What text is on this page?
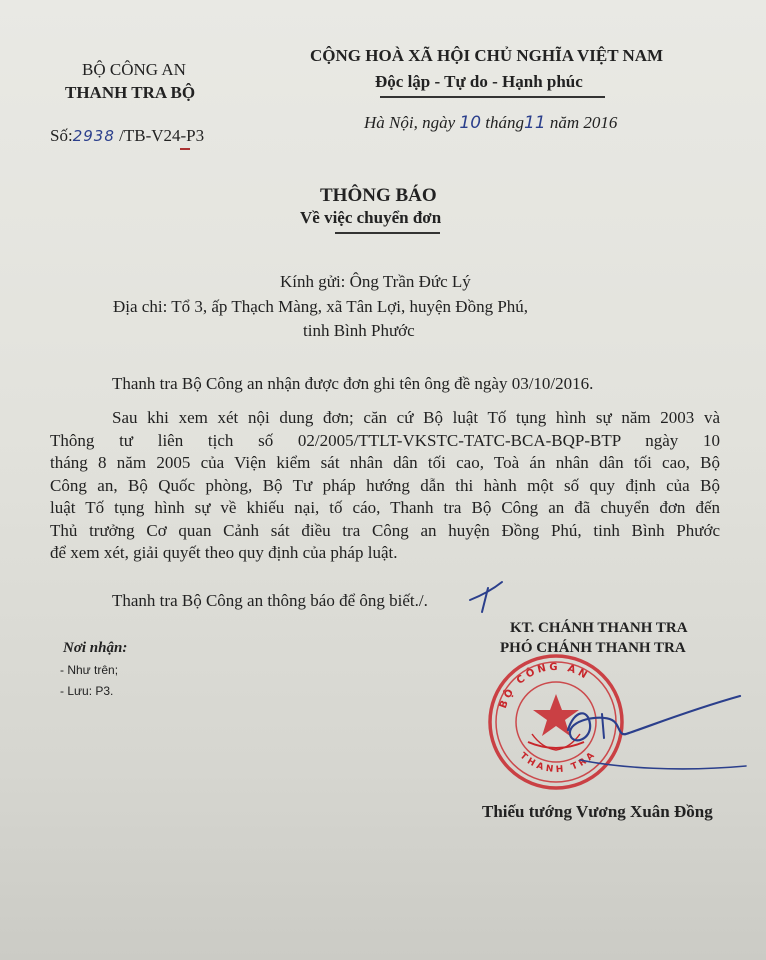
BỘ CÔNG AN
THANH TRA BỘ
Số:2938 /TB-V24-P3
CỘNG HOÀ XÃ HỘI CHỦ NGHĨA VIỆT NAM
Độc lập - Tự do - Hạnh phúc
Hà Nội, ngày 10 tháng11 năm 2016
THÔNG BÁO
Về việc chuyển đơn
Kính gửi: Ông Trần Đức Lý
Địa chi: Tổ 3, ấp Thạch Màng, xã Tân Lợi, huyện Đồng Phú,
tinh Bình Phước
Thanh tra Bộ Công an nhận được đơn ghi tên ông đề ngày 03/10/2016.
Sau khi xem xét nội dung đơn; căn cứ Bộ luật Tố tụng hình sự năm 2003 và
Thông tư liên tịch số 02/2005/TTLT-VKSTC-TATC-BCA-BQP-BTP ngày 10
tháng 8 năm 2005 của Viện kiểm sát nhân dân tối cao, Toà án nhân dân tối cao, Bộ
Công an, Bộ Quốc phòng, Bộ Tư pháp hướng dẫn thi hành một số quy định của Bộ
luật Tố tụng hình sự về khiếu nại, tố cáo, Thanh tra Bộ Công an đã chuyển đơn đến
Thủ trưởng Cơ quan Cảnh sát điều tra Công an huyện Đồng Phú, tinh Bình Phước
để xem xét, giải quyết theo quy định của pháp luật.
Thanh tra Bộ Công an thông báo để ông biết./.
KT. CHÁNH THANH TRA
PHÓ CHÁNH THANH TRA
Nơi nhận:
- Như trên;
- Lưu: P3.
BỘ CÔNG AN
THANH TRA
Thiếu tướng Vương Xuân Đồng
